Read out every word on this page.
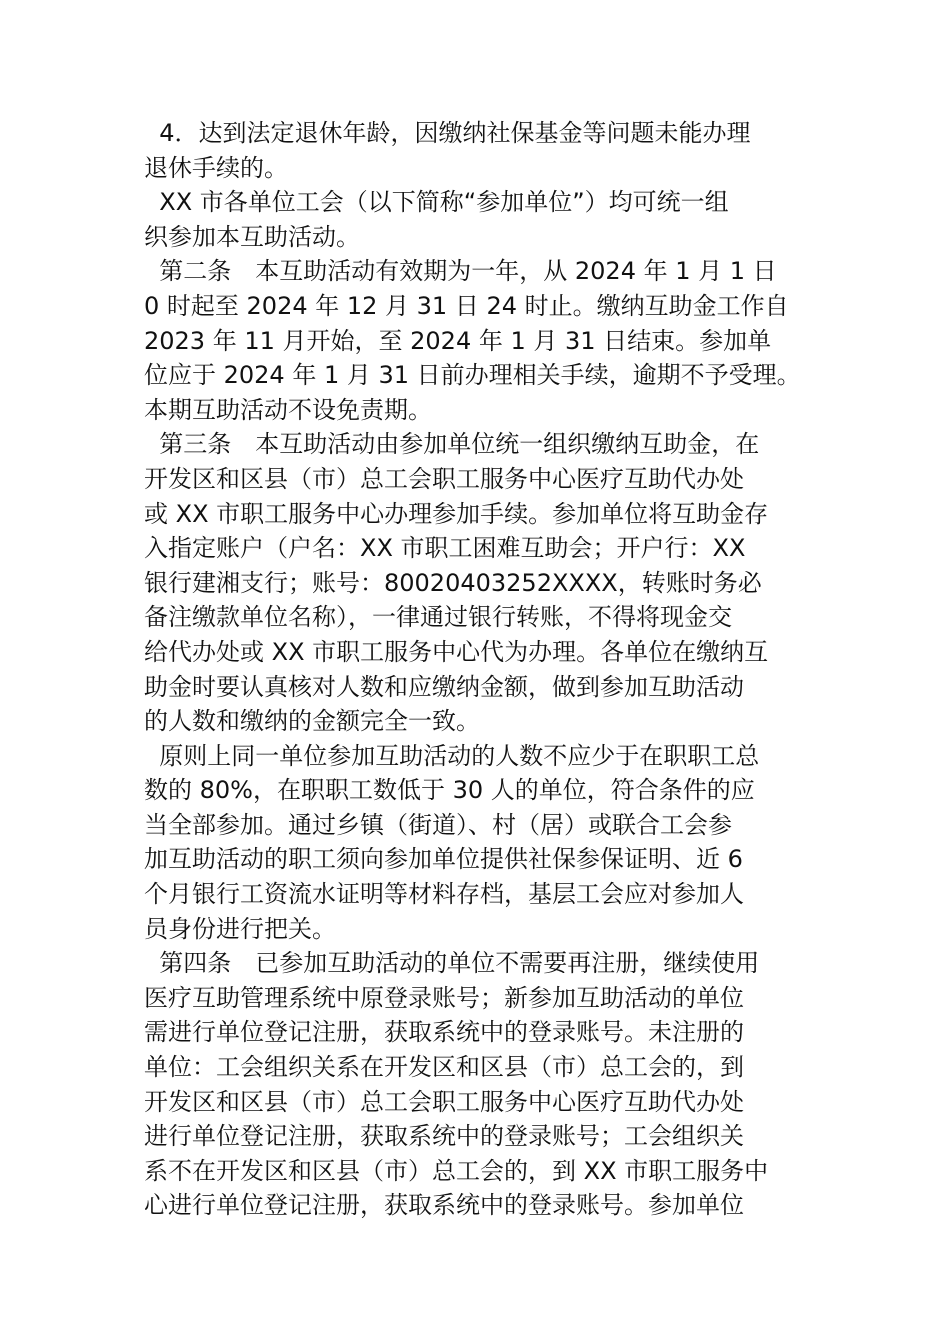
4．达到法定退休年龄，因缴纳社保基金等问题未能办理
退休手续的。
XX 市各单位工会（以下简称“参加单位”）均可统一组
织参加本互助活动。
第二条　本互助活动有效期为一年，从 2024 年 1 月 1 日
0 时起至 2024 年 12 月 31 日 24 时止。缴纳互助金工作自
2023 年 11 月开始，至 2024 年 1 月 31 日结束。参加单
位应于 2024 年 1 月 31 日前办理相关手续，逾期不予受理。
本期互助活动不设免责期。
第三条　本互助活动由参加单位统一组织缴纳互助金，在
开发区和区县（市）总工会职工服务中心医疗互助代办处
或 XX 市职工服务中心办理参加手续。参加单位将互助金存
入指定账户（户名：XX 市职工困难互助会；开户行：XX
银行建湘支行；账号：80020403252XXXX，转账时务必
备注缴款单位名称），一律通过银行转账，不得将现金交
给代办处或 XX 市职工服务中心代为办理。各单位在缴纳互
助金时要认真核对人数和应缴纳金额，做到参加互助活动
的人数和缴纳的金额完全一致。
原则上同一单位参加互助活动的人数不应少于在职职工总
数的 80%，在职职工数低于 30 人的单位，符合条件的应
当全部参加。通过乡镇（街道）、村（居）或联合工会参
加互助活动的职工须向参加单位提供社保参保证明、近 6
个月银行工资流水证明等材料存档，基层工会应对参加人
员身份进行把关。
第四条　已参加互助活动的单位不需要再注册，继续使用
医疗互助管理系统中原登录账号；新参加互助活动的单位
需进行单位登记注册，获取系统中的登录账号。未注册的
单位：工会组织关系在开发区和区县（市）总工会的，到
开发区和区县（市）总工会职工服务中心医疗互助代办处
进行单位登记注册，获取系统中的登录账号；工会组织关
系不在开发区和区县（市）总工会的，到 XX 市职工服务中
心进行单位登记注册，获取系统中的登录账号。参加单位
